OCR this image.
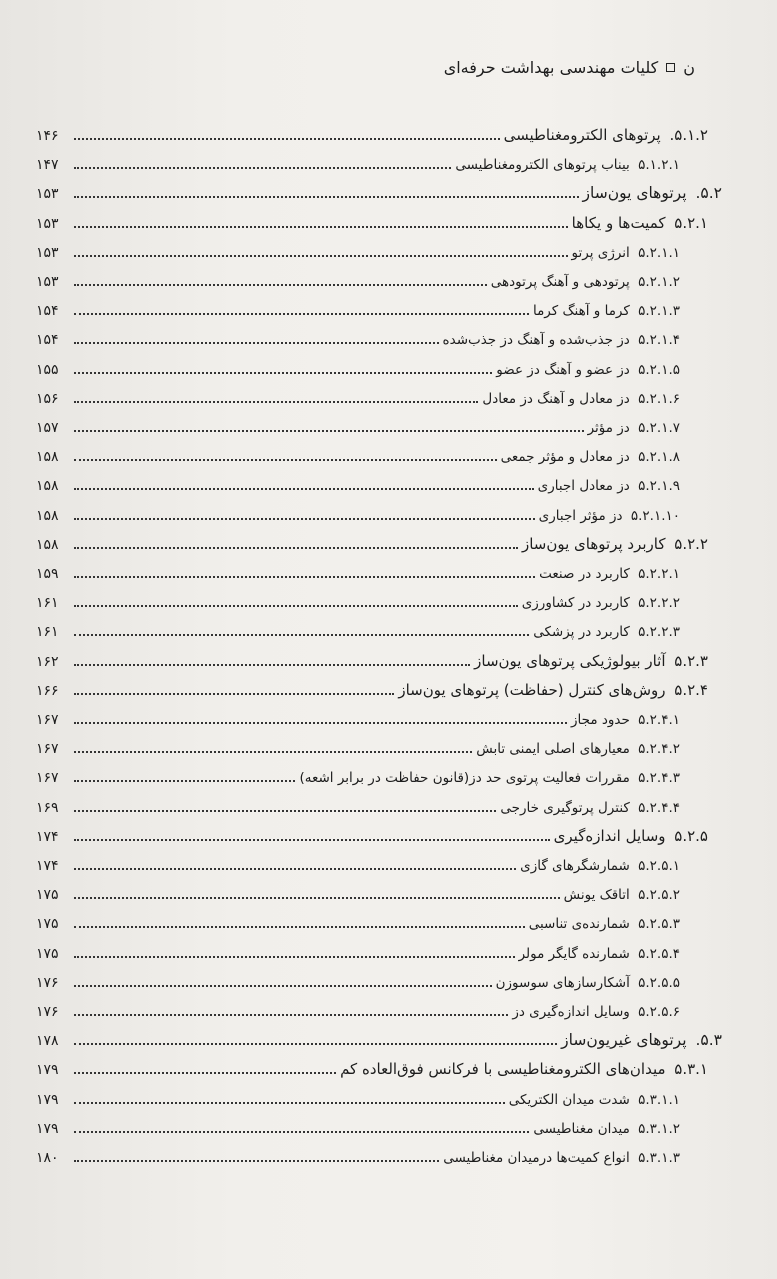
ن
کلیات مهندسی بهداشت حرفه‌ای
۵.۱.۲. پرتوهای الکترومغناطیسی
۱۴۶
۵.۱.۲.۱ بیناب پرتوهای الکترومغناطیسی
۱۴۷
۵.۲. پرتوهای یون‌ساز
۱۵۳
۵.۲.۱ کمیت‌ها و یکاها
۱۵۳
۵.۲.۱.۱ انرژی پرتو
۱۵۳
۵.۲.۱.۲ پرتودهی و آهنگ پرتودهی
۱۵۳
۵.۲.۱.۳ کرما و آهنگ کرما
۱۵۴
۵.۲.۱.۴ دز جذب‌شده و آهنگ دز جذب‌شده
۱۵۴
۵.۲.۱.۵ دز عضو و آهنگ دز عضو
۱۵۵
۵.۲.۱.۶ دز معادل و آهنگ دز معادل
۱۵۶
۵.۲.۱.۷ دز مؤثر
۱۵۷
۵.۲.۱.۸ دز معادل و مؤثر جمعی
۱۵۸
۵.۲.۱.۹ دز معادل اجباری
۱۵۸
۵.۲.۱.۱۰ دز مؤثر اجباری
۱۵۸
۵.۲.۲ کاربرد پرتوهای یون‌ساز
۱۵۸
۵.۲.۲.۱ کاربرد در صنعت
۱۵۹
۵.۲.۲.۲ کاربرد در کشاورزی
۱۶۱
۵.۲.۲.۳ کاربرد در پزشکی
۱۶۱
۵.۲.۳ آثار بیولوژیکی پرتوهای یون‌ساز
۱۶۲
۵.۲.۴ روش‌های کنترل (حفاظت) پرتوهای یون‌ساز
۱۶۶
۵.۲.۴.۱ حدود مجاز
۱۶۷
۵.۲.۴.۲ معیارهای اصلی ایمنی تابش
۱۶۷
۵.۲.۴.۳ مقررات فعالیت پرتوی حد دز(قانون حفاظت در برابر اشعه)
۱۶۷
۵.۲.۴.۴ کنترل پرتوگیری خارجی
۱۶۹
۵.۲.۵ وسایل اندازه‌گیری
۱۷۴
۵.۲.۵.۱ شمارشگرهای گازی
۱۷۴
۵.۲.۵.۲ اتاقک یونش
۱۷۵
۵.۲.۵.۳ شمارنده‌ی تناسبی
۱۷۵
۵.۲.۵.۴ شمارنده گایگر مولر
۱۷۵
۵.۲.۵.۵ آشکارسازهای سوسوزن
۱۷۶
۵.۲.۵.۶ وسایل اندازه‌گیری دز
۱۷۶
۵.۳. پرتوهای غیریون‌ساز
۱۷۸
۵.۳.۱ میدان‌های الکترومغناطیسی با فرکانس فوق‌العاده کم
۱۷۹
۵.۳.۱.۱ شدت میدان الکتریکی
۱۷۹
۵.۳.۱.۲ میدان مغناطیسی
۱۷۹
۵.۳.۱.۳ انواع کمیت‌ها درمیدان مغناطیسی
۱۸۰
